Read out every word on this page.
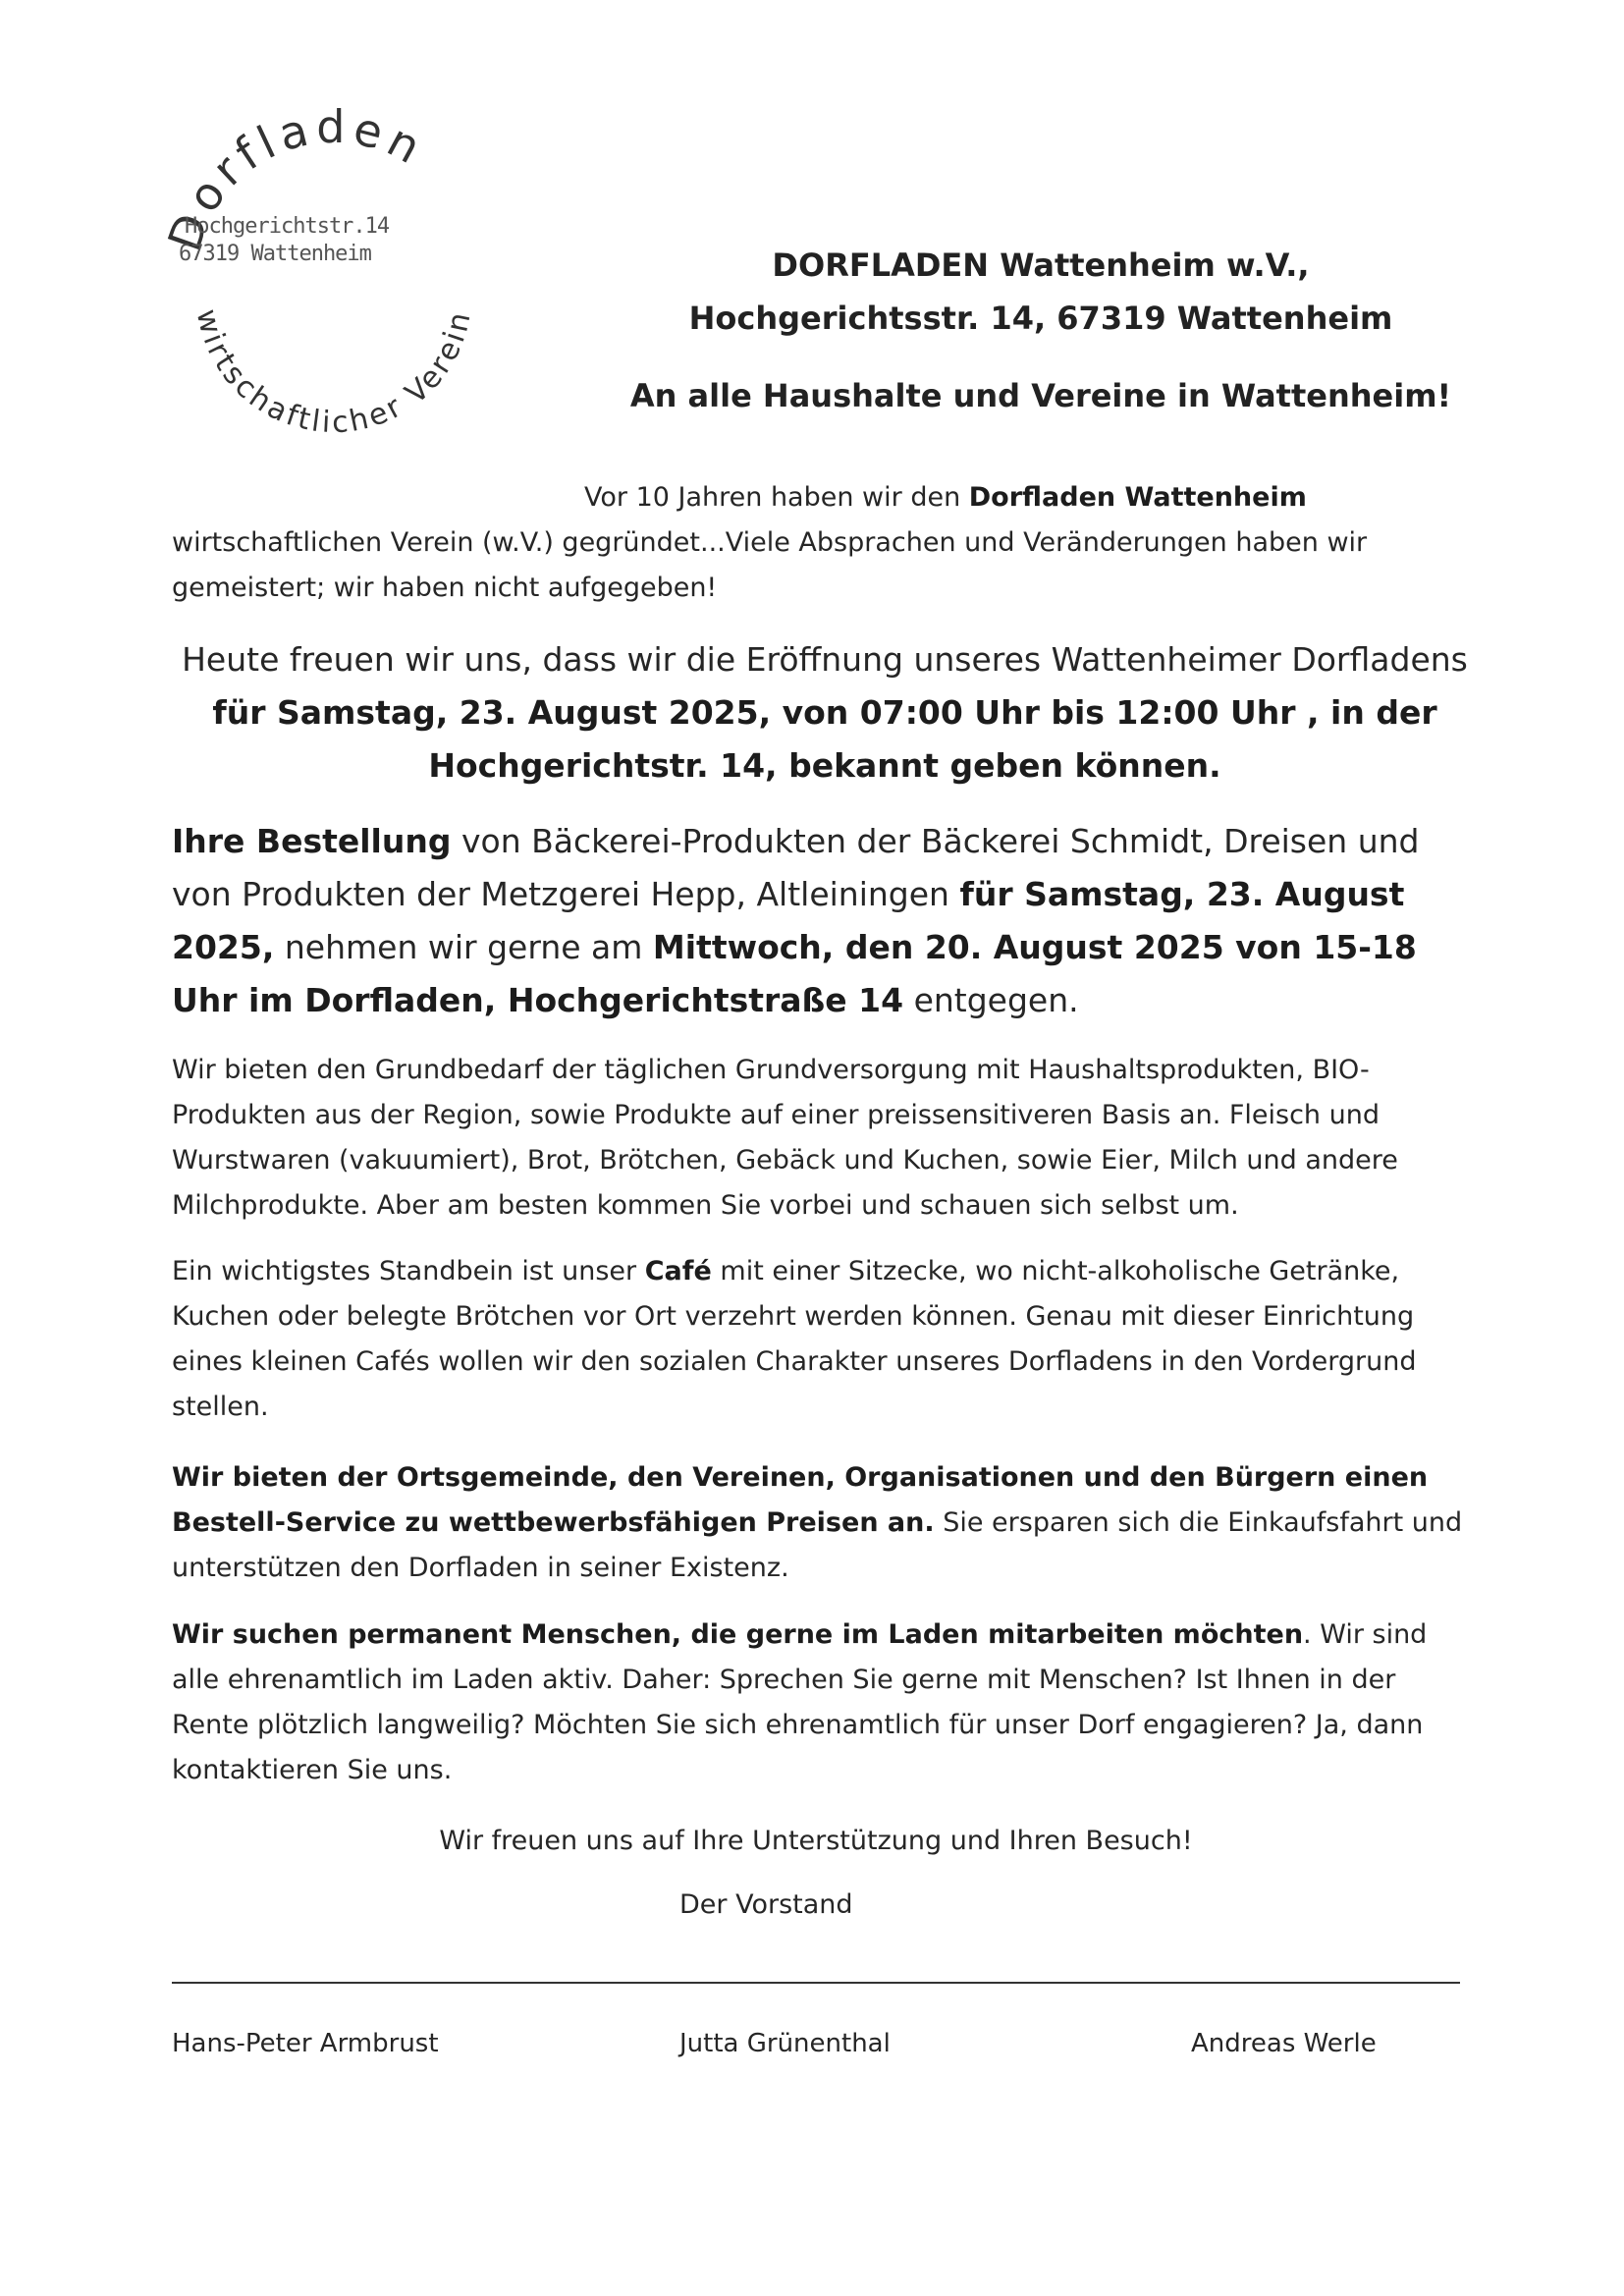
Dorfladen
wirtschaftlicher Verein
Hochgerichtstr.14
67319 Wattenheim	DORFLADEN Wattenheim w.V.,
Hochgerichtsstr. 14, 67319 Wattenheim
An alle Haushalte und Vereine in Wattenheim!
Vor 10 Jahren haben wir den Dorfladen Wattenheim wirtschaftlichen Verein (w.V.) gegründet...Viele Absprachen und Veränderungen haben wir gemeistert; wir haben nicht aufgegeben!
Heute freuen wir uns, dass wir die Eröffnung unseres Wattenheimer Dorfladens
für Samstag, 23. August 2025, von 07:00 Uhr bis 12:00 Uhr , in der
Hochgerichtstr. 14, bekannt geben können.
Ihre Bestellung von Bäckerei-Produkten der Bäckerei Schmidt, Dreisen und von Produkten der Metzgerei Hepp, Altleiningen für Samstag, 23. August 2025, nehmen wir gerne am Mittwoch, den 20. August 2025 von 15-18 Uhr im Dorfladen, Hochgerichtstraße 14 entgegen.
Wir bieten den Grundbedarf der täglichen Grundversorgung mit Haushaltsprodukten, BIO-Produkten aus der Region, sowie Produkte auf einer preissensitiveren Basis an. Fleisch und Wurstwaren (vakuumiert), Brot, Brötchen, Gebäck und Kuchen, sowie Eier, Milch und andere Milchprodukte. Aber am besten kommen Sie vorbei und schauen sich selbst um.
Ein wichtigstes Standbein ist unser Café mit einer Sitzecke, wo nicht-alkoholische Getränke, Kuchen oder belegte Brötchen vor Ort verzehrt werden können. Genau mit dieser Einrichtung eines kleinen Cafés wollen wir den sozialen Charakter unseres Dorfladens in den Vordergrund stellen.
Wir bieten der Ortsgemeinde, den Vereinen, Organisationen und den Bürgern einen Bestell-Service zu wettbewerbsfähigen Preisen an. Sie ersparen sich die Einkaufsfahrt und unterstützen den Dorfladen in seiner Existenz.
Wir suchen permanent Menschen, die gerne im Laden mitarbeiten möchten. Wir sind alle ehrenamtlich im Laden aktiv. Daher: Sprechen Sie gerne mit Menschen? Ist Ihnen in der Rente plötzlich langweilig? Möchten Sie sich ehrenamtlich für unser Dorf engagieren? Ja, dann kontaktieren Sie uns.
Wir freuen uns auf Ihre Unterstützung und Ihren Besuch!
Der Vorstand
Hans-Peter Armbrust	Jutta Grünenthal	Andreas Werle
